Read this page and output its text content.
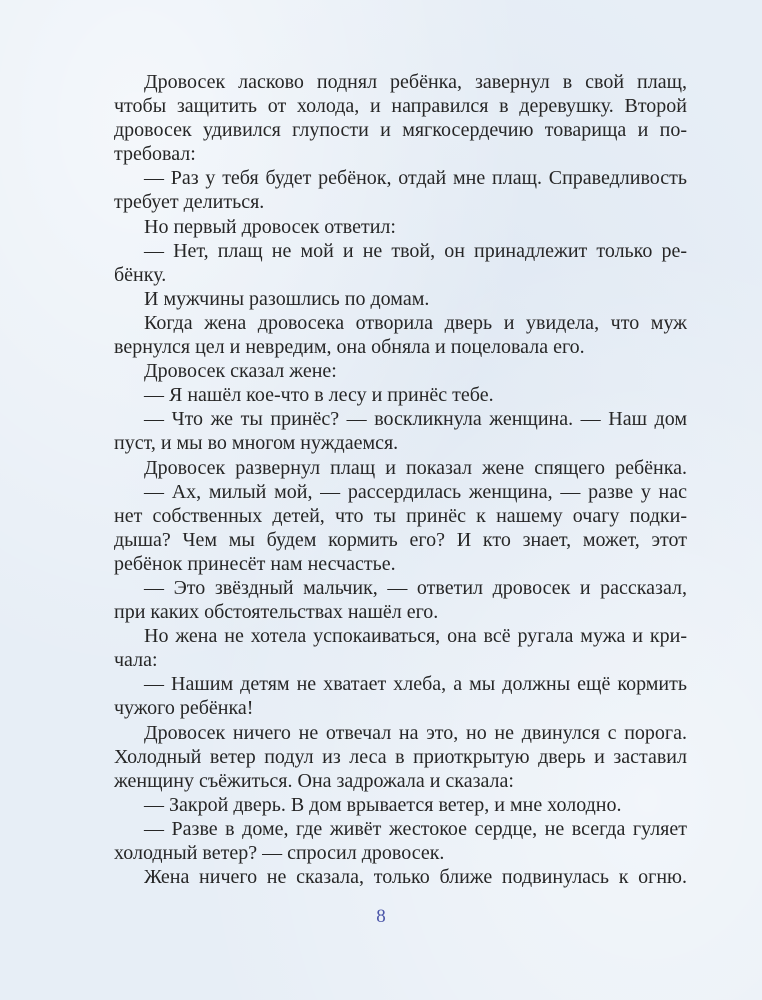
Дровосек ласково поднял ребёнка, завернул в свой плащ,
чтобы защитить от холода, и направился в деревушку. Второй
дровосек удивился глупости и мягкосердечию товарища и по-
требовал:
— Раз у тебя будет ребёнок, отдай мне плащ. Справедливость
требует делиться.
Но первый дровосек ответил:
— Нет, плащ не мой и не твой, он принадлежит только ре-
бёнку.
И мужчины разошлись по домам.
Когда жена дровосека отворила дверь и увидела, что муж
вернулся цел и невредим, она обняла и поцеловала его.
Дровосек сказал жене:
— Я нашёл кое-что в лесу и принёс тебе.
— Что же ты принёс? — воскликнула женщина. — Наш дом
пуст, и мы во многом нуждаемся.
Дровосек развернул плащ и показал жене спящего ребёнка.
— Ах, милый мой, — рассердилась женщина, — разве у нас
нет собственных детей, что ты принёс к нашему очагу подки-
дыша? Чем мы будем кормить его? И кто знает, может, этот
ребёнок принесёт нам несчастье.
— Это звёздный мальчик, — ответил дровосек и рассказал,
при каких обстоятельствах нашёл его.
Но жена не хотела успокаиваться, она всё ругала мужа и кри-
чала:
— Нашим детям не хватает хлеба, а мы должны ещё кормить
чужого ребёнка!
Дровосек ничего не отвечал на это, но не двинулся с порога.
Холодный ветер подул из леса в приоткрытую дверь и заставил
женщину съёжиться. Она задрожала и сказала:
— Закрой дверь. В дом врывается ветер, и мне холодно.
— Разве в доме, где живёт жестокое сердце, не всегда гуляет
холодный ветер? — спросил дровосек.
Жена ничего не сказала, только ближе подвинулась к огню.
8
